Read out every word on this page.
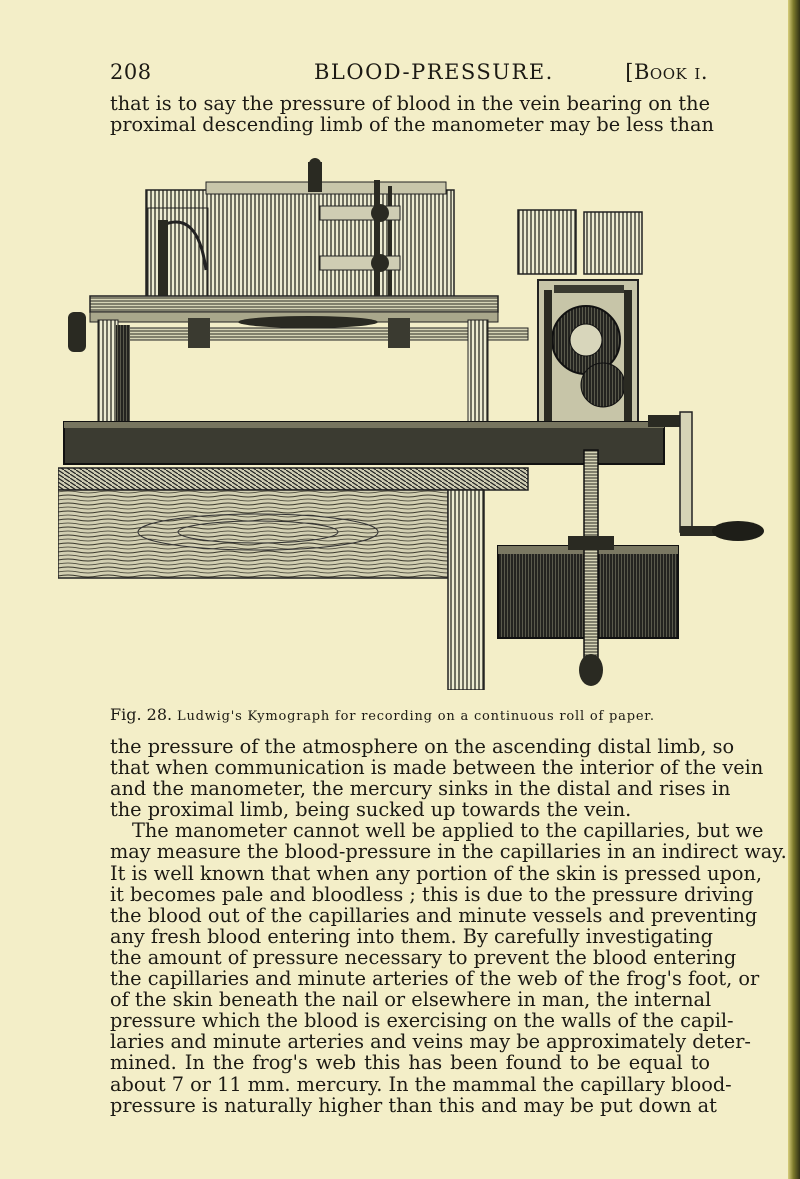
208	BLOOD-PRESSURE.	[Book i.
that is to say the pressure of blood in the vein bearing on the
proximal descending limb of the manometer may be less than
Fig. 28. Ludwig's Kymograph for recording on a continuous roll of paper.
the pressure of the atmosphere on the ascending distal limb, so
that when communication is made between the interior of the vein
and the manometer, the mercury sinks in the distal and rises in
the proximal limb, being sucked up towards the vein.
The manometer cannot well be applied to the capillaries, but we
may measure the blood-pressure in the capillaries in an indirect way.
It is well known that when any portion of the skin is pressed upon,
it becomes pale and bloodless ; this is due to the pressure driving
the blood out of the capillaries and minute vessels and preventing
any fresh blood entering into them. By carefully investigating
the amount of pressure necessary to prevent the blood entering
the capillaries and minute arteries of the web of the frog's foot, or
of the skin beneath the nail or elsewhere in man, the internal
pressure which the blood is exercising on the walls of the capil-
laries and minute arteries and veins may be approximately deter-
mined. In the frog's web this has been found to be equal to
about 7 or 11 mm. mercury. In the mammal the capillary blood-
pressure is naturally higher than this and may be put down at
